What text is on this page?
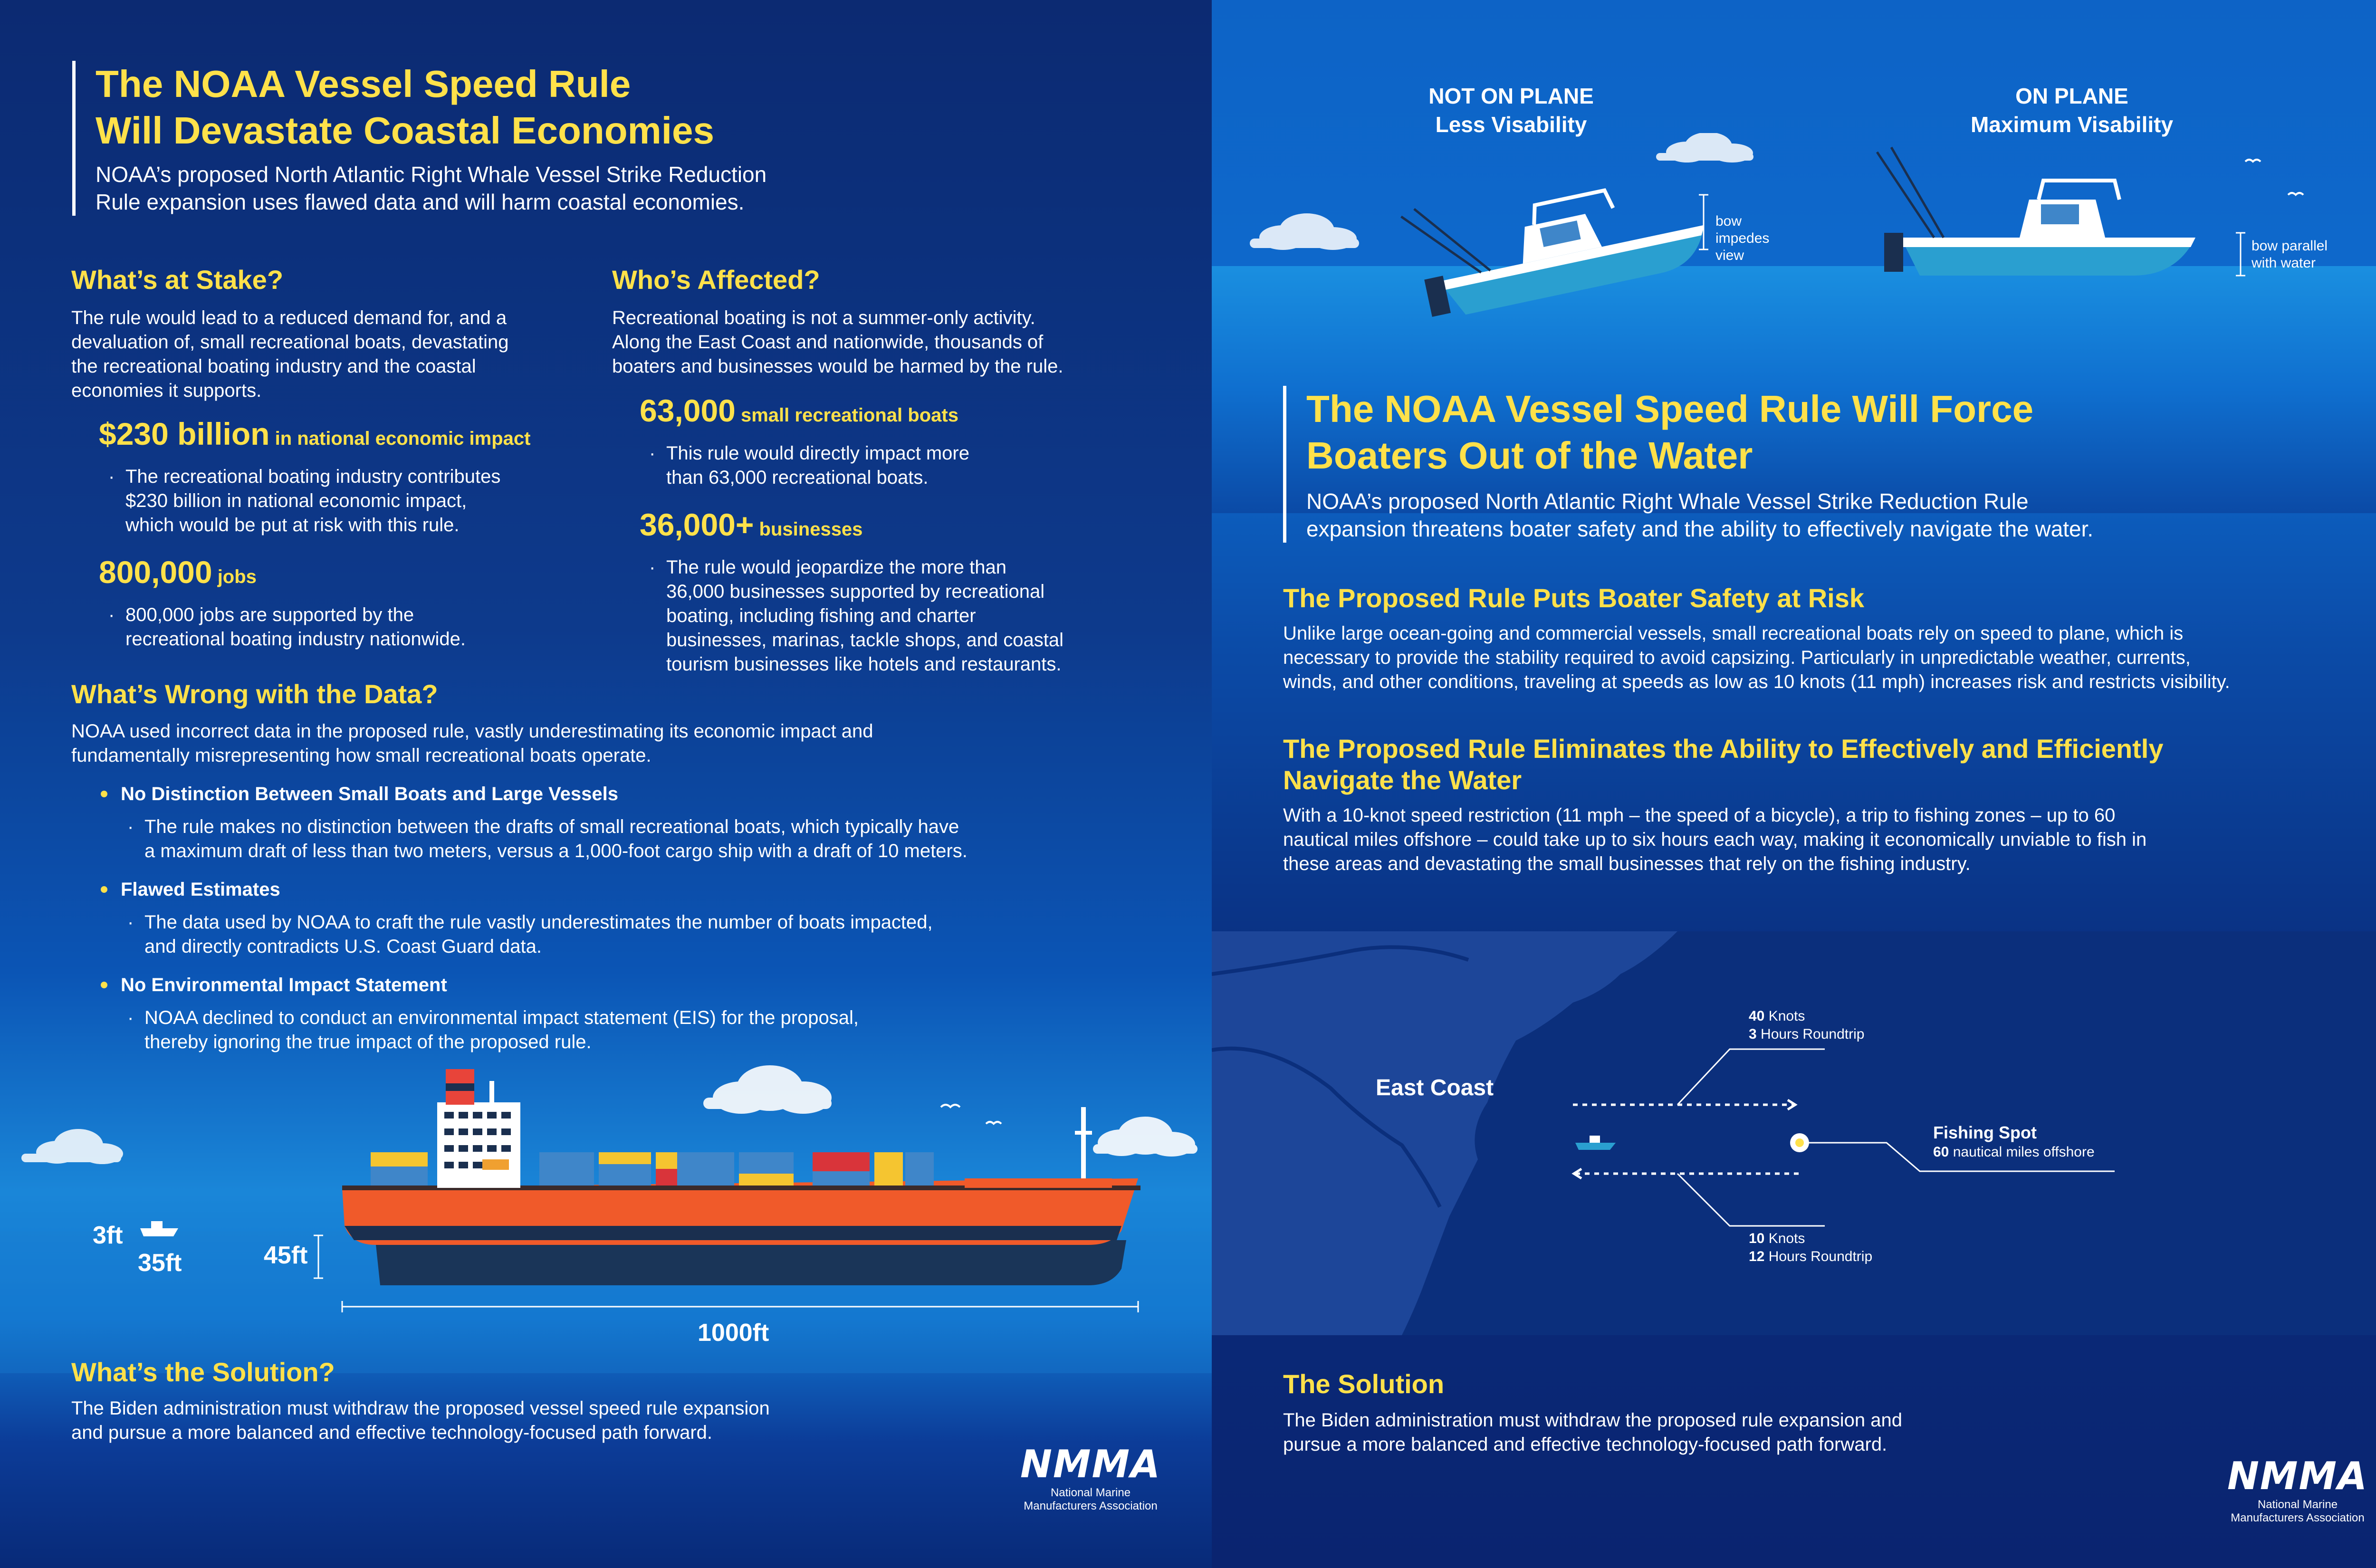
The NOAA Vessel Speed Rule
Will Devastate Coastal Economies
NOAA’s proposed North Atlantic Right Whale Vessel Strike Reduction
Rule expansion uses flawed data and will harm coastal economies.
What’s at Stake?
The rule would lead to a reduced demand for, and a
devaluation of, small recreational boats, devastating
the recreational boating industry and the coastal
economies it supports.
$230 billion in national economic impact
· The recreational boating industry contributes
$230 billion in national economic impact,
which would be put at risk with this rule.
800,000 jobs
· 800,000 jobs are supported by the
recreational boating industry nationwide.
Who’s Affected?
Recreational boating is not a summer-only activity.
Along the East Coast and nationwide, thousands of
boaters and businesses would be harmed by the rule.
63,000 small recreational boats
· This rule would directly impact more
than 63,000 recreational boats.
36,000+ businesses
· The rule would jeopardize the more than
36,000 businesses supported by recreational
boating, including fishing and charter
businesses, marinas, tackle shops, and coastal
tourism businesses like hotels and restaurants.
What’s Wrong with the Data?
NOAA used incorrect data in the proposed rule, vastly underestimating its economic impact and
fundamentally misrepresenting how small recreational boats operate.
No Distinction Between Small Boats and Large Vessels
· The rule makes no distinction between the drafts of small recreational boats, which typically have
a maximum draft of less than two meters, versus a 1,000-foot cargo ship with a draft of 10 meters.
Flawed Estimates
· The data used by NOAA to craft the rule vastly underestimates the number of boats impacted,
and directly contradicts U.S. Coast Guard data.
No Environmental Impact Statement
· NOAA declined to conduct an environmental impact statement (EIS) for the proposal,
thereby ignoring the true impact of the proposed rule.
3ft
35ft	45ft
1000ft
What’s the Solution?
The Biden administration must withdraw the proposed vessel speed rule expansion
and pursue a more balanced and effective technology-focused path forward.
NMMA
National Marine
Manufacturers Association
NOT ON PLANE
Less Visability
ON PLANE
Maximum Visability
bow
impedes
view
bow parallel
with water
The NOAA Vessel Speed Rule Will Force
Boaters Out of the Water
NOAA’s proposed North Atlantic Right Whale Vessel Strike Reduction Rule
expansion threatens boater safety and the ability to effectively navigate the water.
The Proposed Rule Puts Boater Safety at Risk
Unlike large ocean-going and commercial vessels, small recreational boats rely on speed to plane, which is
necessary to provide the stability required to avoid capsizing. Particularly in unpredictable weather, currents,
winds, and other conditions, traveling at speeds as low as 10 knots (11 mph) increases risk and restricts visibility.
The Proposed Rule Eliminates the Ability to Effectively and Efficiently
Navigate the Water
With a 10-knot speed restriction (11 mph – the speed of a bicycle), a trip to fishing zones – up to 60
nautical miles offshore – could take up to six hours each way, making it economically unviable to fish in
these areas and devastating the small businesses that rely on the fishing industry.
East Coast
40 Knots
3 Hours Roundtrip
10 Knots
12 Hours Roundtrip
Fishing Spot
60 nautical miles offshore
The Solution
The Biden administration must withdraw the proposed rule expansion and
pursue a more balanced and effective technology-focused path forward.
NMMA
National Marine
Manufacturers Association
